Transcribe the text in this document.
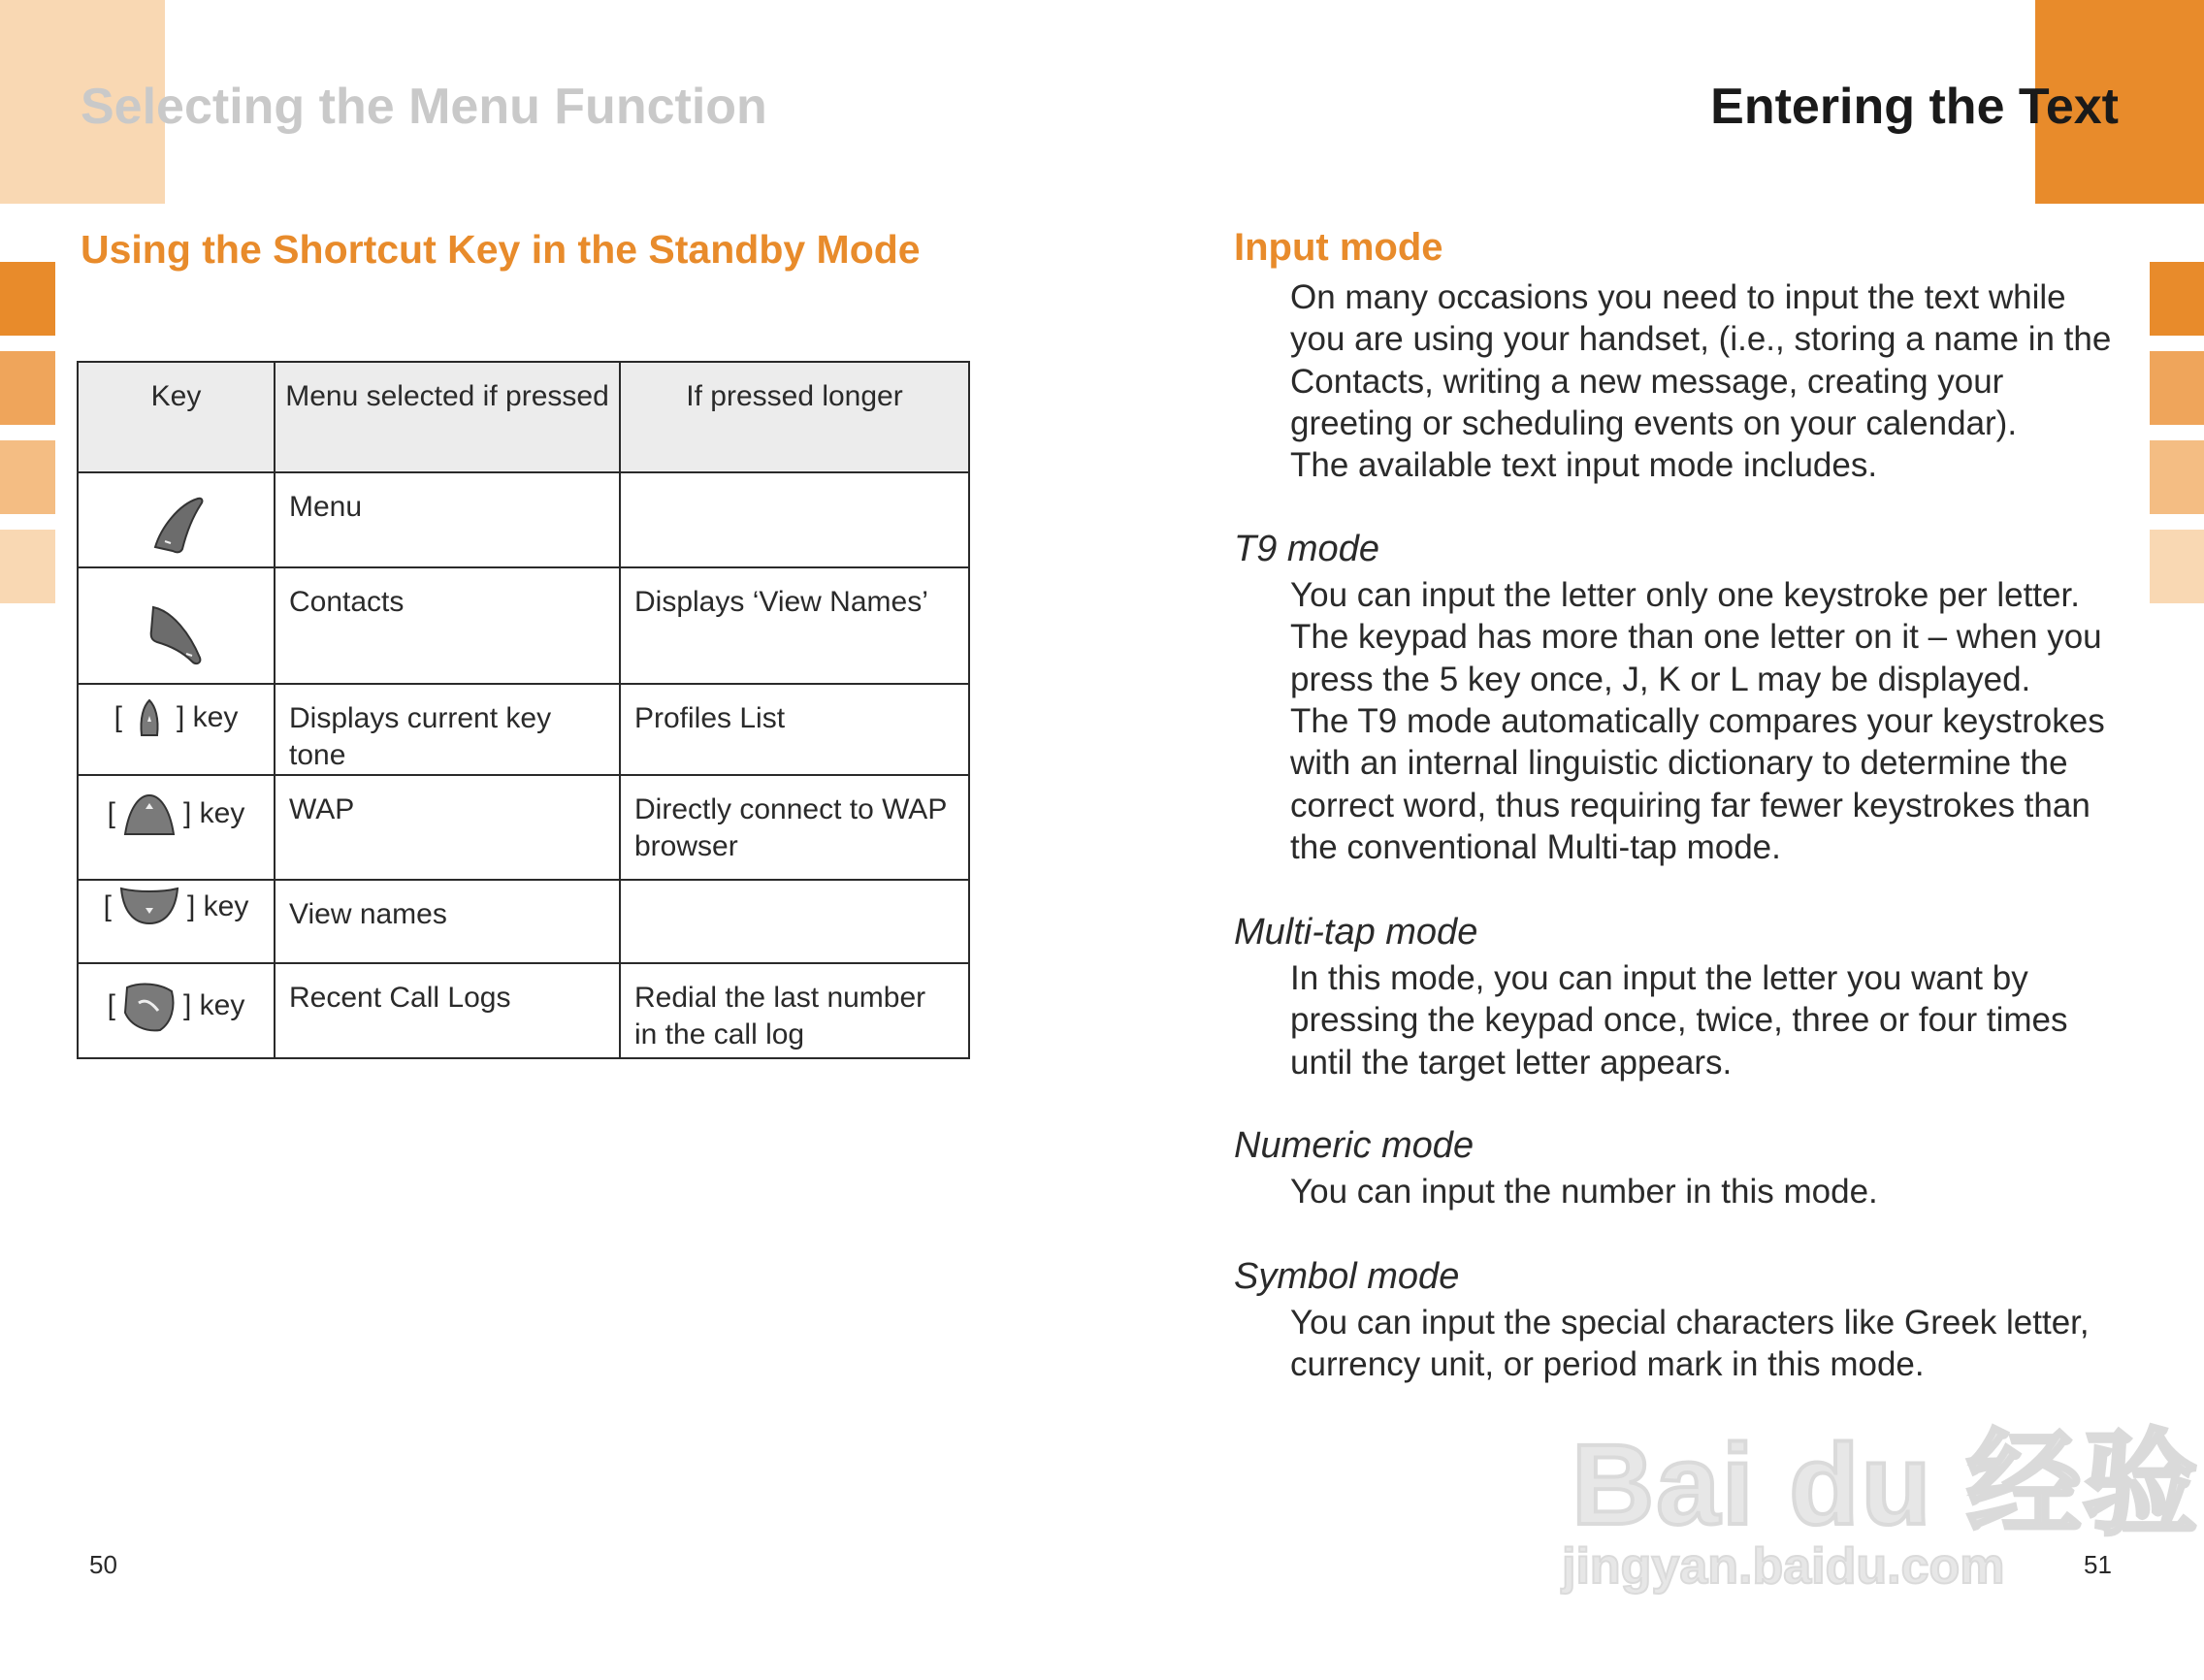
Selecting the Menu Function	Entering the Text
Using the Shortcut Key in the Standby Mode
Key	Menu selected if pressed	If pressed longer

	Menu	

	Contacts	Displays ‘View Names’

[ ] key	Displays current key tone	Profiles List

[ ] key	WAP	Directly connect to WAP browser

[ ] key	View names	

[ ] key	Recent Call Logs	Redial the last number in the call log
50
Input mode
On many occasions you need to input the text while you are using your handset, (i.e., storing a name in the Contacts, writing a new message, creating your greeting or scheduling events on your calendar).
The available text input mode includes.
T9 mode
You can input the letter only one keystroke per letter. The keypad has more than one letter on it – when you press the 5 key once, J, K or L may be displayed.
The T9 mode automatically compares your keystrokes with an internal linguistic dictionary to determine the correct word, thus requiring far fewer keystrokes than the conventional Multi-tap mode.
Multi-tap mode
In this mode, you can input the letter you want by pressing the keypad once, twice, three or four times until the target letter appears.
Numeric mode
You can input the number in this mode.
Symbol mode
You can input the special characters like Greek letter, currency unit, or period mark in this mode.
51
Bai du 经验
jingyan.baidu.com
